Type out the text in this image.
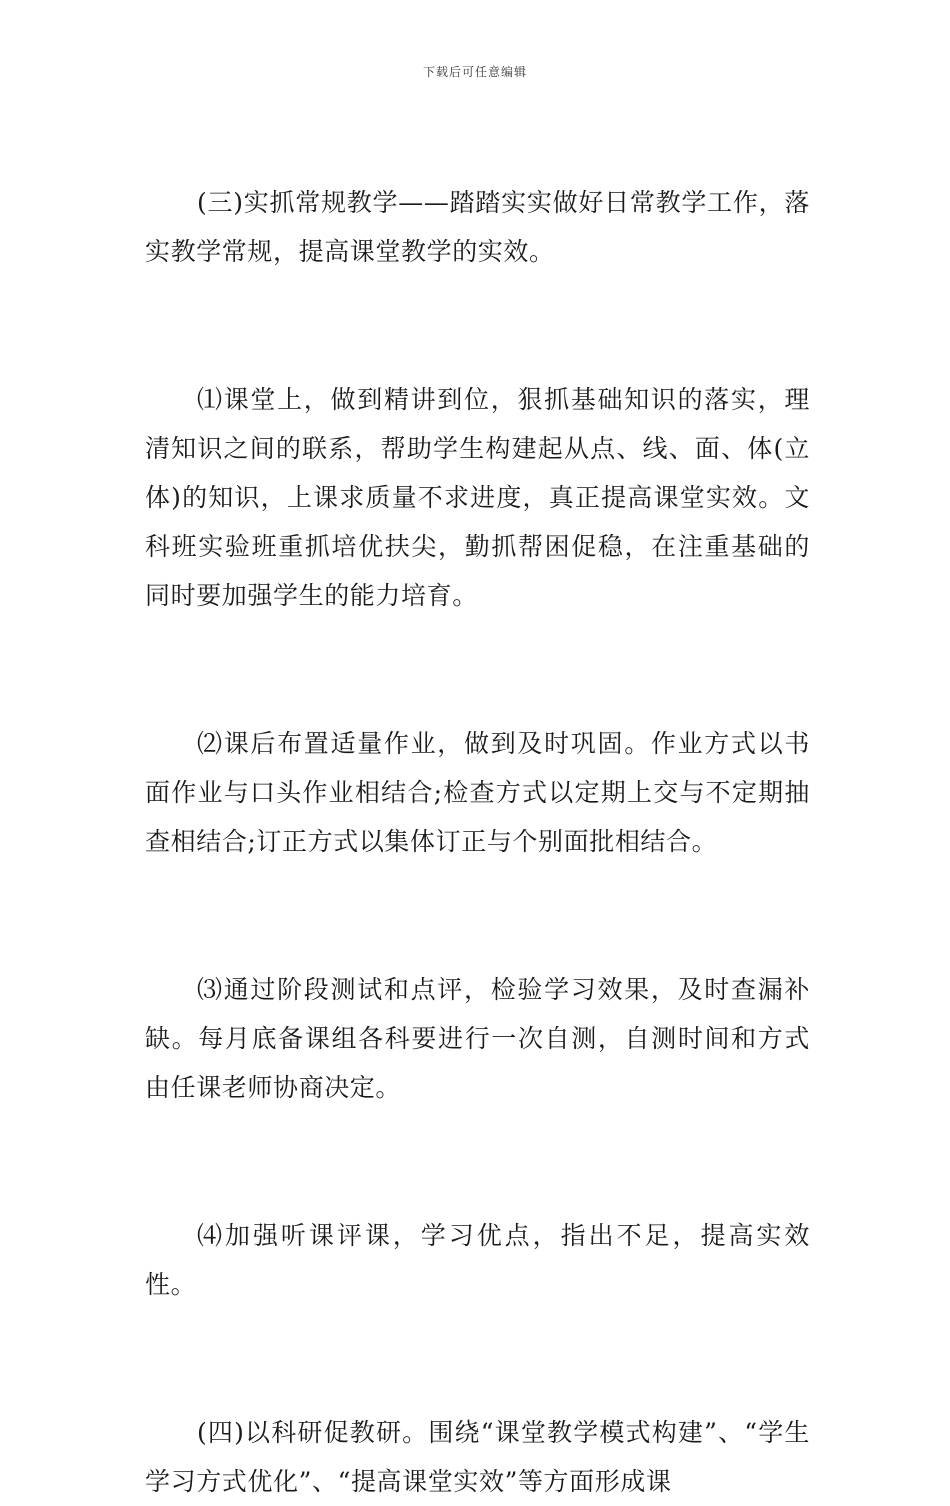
下载后可任意编辑

(三)实抓常规教学——踏踏实实做好日常教学工作，落实教学常规，提高课堂教学的实效。

⑴课堂上，做到精讲到位，狠抓基础知识的落实，理清知识之间的联系，帮助学生构建起从点、线、面、体(立体)的知识，上课求质量不求进度，真正提高课堂实效。文科班实验班重抓培优扶尖，勤抓帮困促稳，在注重基础的同时要加强学生的能力培育。

⑵课后布置适量作业，做到及时巩固。作业方式以书面作业与口头作业相结合;检查方式以定期上交与不定期抽查相结合;订正方式以集体订正与个别面批相结合。

⑶通过阶段测试和点评，检验学习效果，及时查漏补缺。每月底备课组各科要进行一次自测，自测时间和方式由任课老师协商决定。

⑷加强听课评课，学习优点，指出不足，提高实效性。

(四)以科研促教研。围绕“课堂教学模式构建”、“学生学习方式优化”、“提高课堂实效”等方面形成课
